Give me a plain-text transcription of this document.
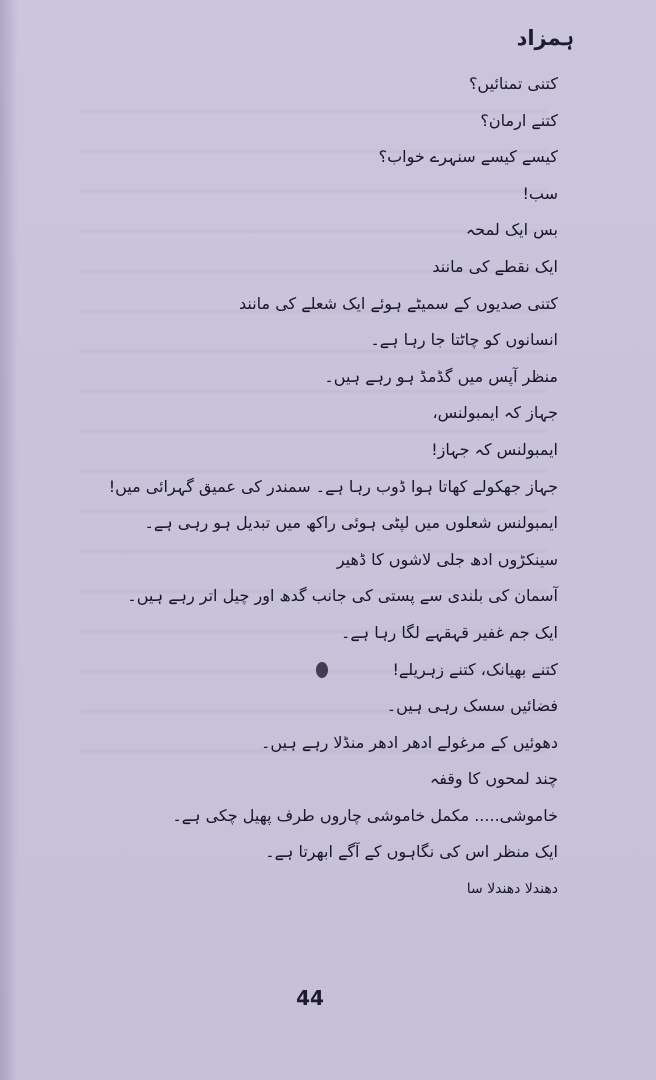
ہمزاد
کتنی تمنائیں؟
کتنے ارمان؟
کیسے کیسے سنہرے خواب؟
سب!
بس ایک لمحہ
ایک نقطے کی مانند
کتنی صدیوں کے سمیٹے ہوئے ایک شعلے کی مانند
انسانوں کو چاٹتا جا رہا ہے۔
منظر آپس میں گڈمڈ ہو رہے ہیں۔
جہاز کہ ایمبولنس،
ایمبولنس کہ جہاز!
جہاز جھکولے کھاتا ہوا ڈوب رہا ہے۔ سمندر کی عمیق گہرائی میں!
ایمبولنس شعلوں میں لپٹی ہوئی راکھ میں تبدیل ہو رہی ہے۔
سینکڑوں ادھ جلی لاشوں کا ڈھیر
آسمان کی بلندی سے پستی کی جانب گدھ اور چیل اتر رہے ہیں۔
ایک جم غفیر قہقہے لگا رہا ہے۔
کتنے بھیانک، کتنے زہریلے!
فضائیں سسک رہی ہیں۔
دھوئیں کے مرغولے ادھر ادھر منڈلا رہے ہیں۔
چند لمحوں کا وقفہ
خاموشی..... مکمل خاموشی چاروں طرف پھیل چکی ہے۔
ایک منظر اس کی نگاہوں کے آگے ابھرتا ہے۔
دھندلا دھندلا سا
44
